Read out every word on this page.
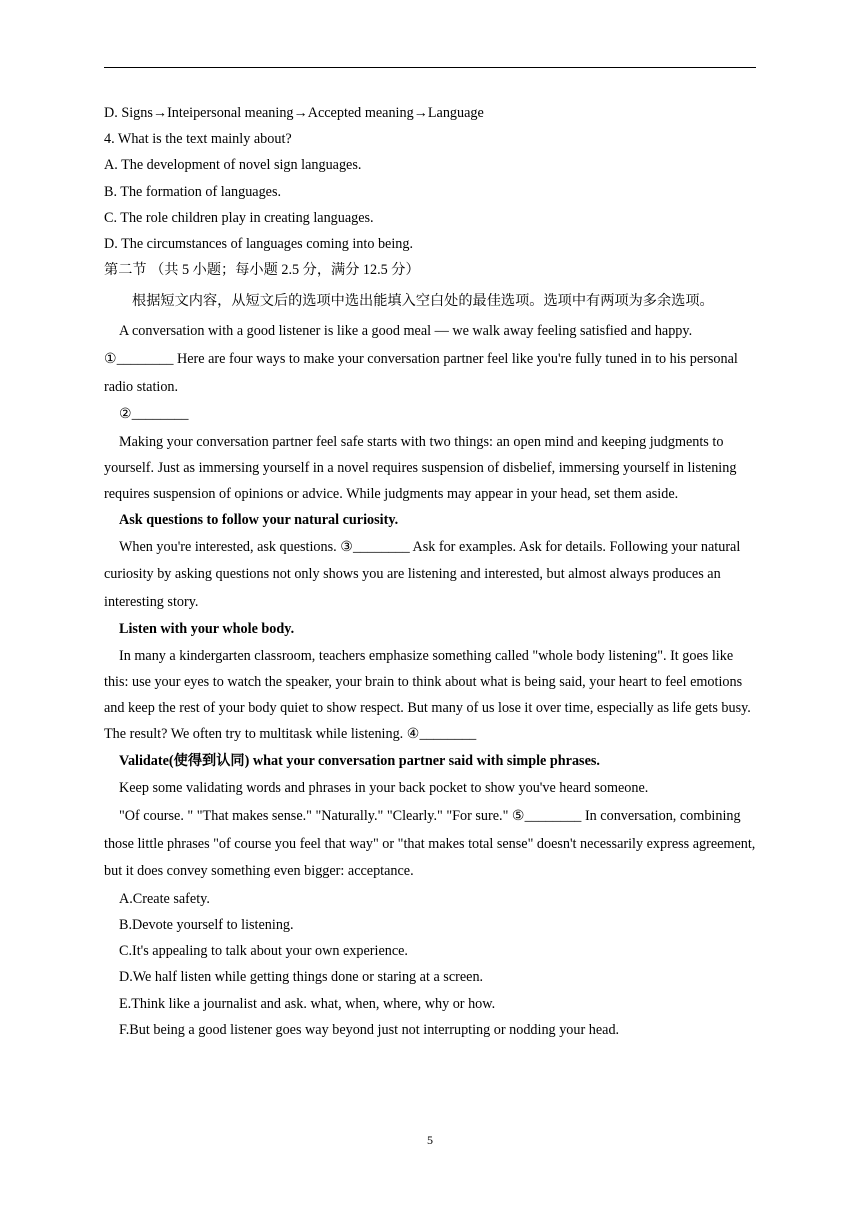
D. Signs→Inteipersonal meaning→Accepted meaning→Language

4. What is the text mainly about?

A. The development of novel sign languages.

B. The formation of languages.

C. The role children play in creating languages.

D. The circumstances of languages coming into being.

第二节 （共 5 小题；每小题 2.5 分，满分 12.5 分）

根据短文内容，从短文后的选项中选出能填入空白处的最佳选项。选项中有两项为多余选项。

A conversation with a good listener is like a good meal — we walk away feeling satisfied and happy. ①________ Here are four ways to make your conversation partner feel like you're fully tuned in to his personal radio station.

②________

Making your conversation partner feel safe starts with two things: an open mind and keeping judgments to yourself. Just as immersing yourself in a novel requires suspension of disbelief, immersing yourself in listening requires suspension of opinions or advice. While judgments may appear in your head, set them aside.

Ask questions to follow your natural curiosity.

When you're interested, ask questions. ③________ Ask for examples. Ask for details. Following your natural curiosity by asking questions not only shows you are listening and interested, but almost always produces an interesting story.

Listen with your whole body.

In many a kindergarten classroom, teachers emphasize something called "whole body listening". It goes like this: use your eyes to watch the speaker, your brain to think about what is being said, your heart to feel emotions and keep the rest of your body quiet to show respect. But many of us lose it over time, especially as life gets busy. The result? We often try to multitask while listening. ④________

Validate(使得到认同) what your conversation partner said with simple phrases.

Keep some validating words and phrases in your back pocket to show you've heard someone.

"Of course. " "That makes sense." "Naturally." "Clearly." "For sure." ⑤________ In conversation, combining those little phrases "of course you feel that way" or "that makes total sense" doesn't necessarily express agreement, but it does convey something even bigger: acceptance.

A.Create safety.

B.Devote yourself to listening.

C.It's appealing to talk about your own experience.

D.We half listen while getting things done or staring at a screen.

E.Think like a journalist and ask. what, when, where, why or how.

F.But being a good listener goes way beyond just not interrupting or nodding your head.

5
